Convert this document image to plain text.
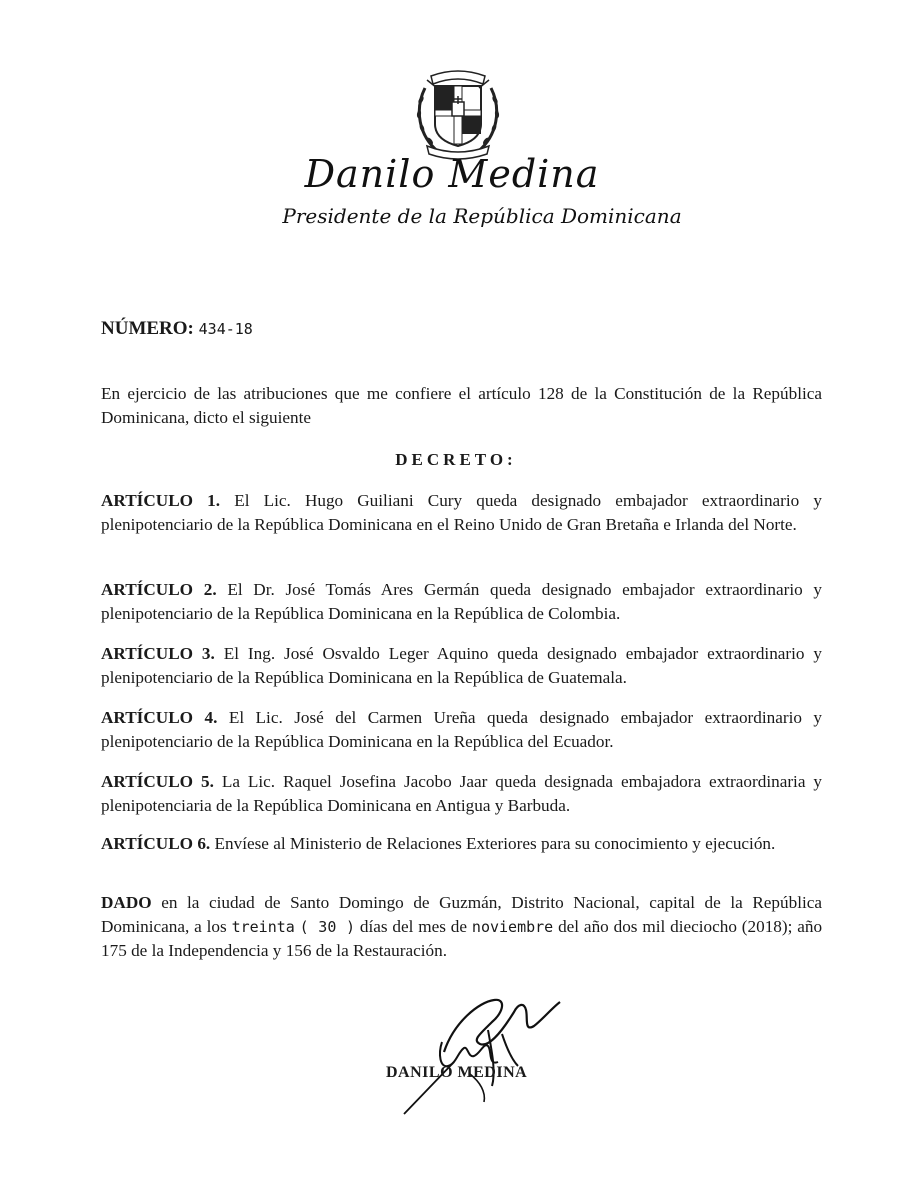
Danilo Medina
Presidente de la República Dominicana
NÚMERO: 434-18
En ejercicio de las atribuciones que me confiere el artículo 128 de la Constitución de la República Dominicana, dicto el siguiente
DECRETO:
ARTÍCULO 1. El Lic. Hugo Guiliani Cury queda designado embajador extraordinario y plenipotenciario de la República Dominicana en el Reino Unido de Gran Bretaña e Irlanda del Norte.
ARTÍCULO 2. El Dr. José Tomás Ares Germán queda designado embajador extraordinario y plenipotenciario de la República Dominicana en la República de Colombia.
ARTÍCULO 3. El Ing. José Osvaldo Leger Aquino queda designado embajador extraordinario y plenipotenciario de la República Dominicana en la República de Guatemala.
ARTÍCULO 4. El Lic. José del Carmen Ureña queda designado embajador extraordinario y plenipotenciario de la República Dominicana en la República del Ecuador.
ARTÍCULO 5. La Lic. Raquel Josefina Jacobo Jaar queda designada embajadora extraordinaria y plenipotenciaria de la República Dominicana en Antigua y Barbuda.
ARTÍCULO 6. Envíese al Ministerio de Relaciones Exteriores para su conocimiento y ejecución.
DADO en la ciudad de Santo Domingo de Guzmán, Distrito Nacional, capital de la República Dominicana, a los treinta ( 30 ) días del mes de noviembre del año dos mil dieciocho (2018); año 175 de la Independencia y 156 de la Restauración.
DANILO MEDINA
